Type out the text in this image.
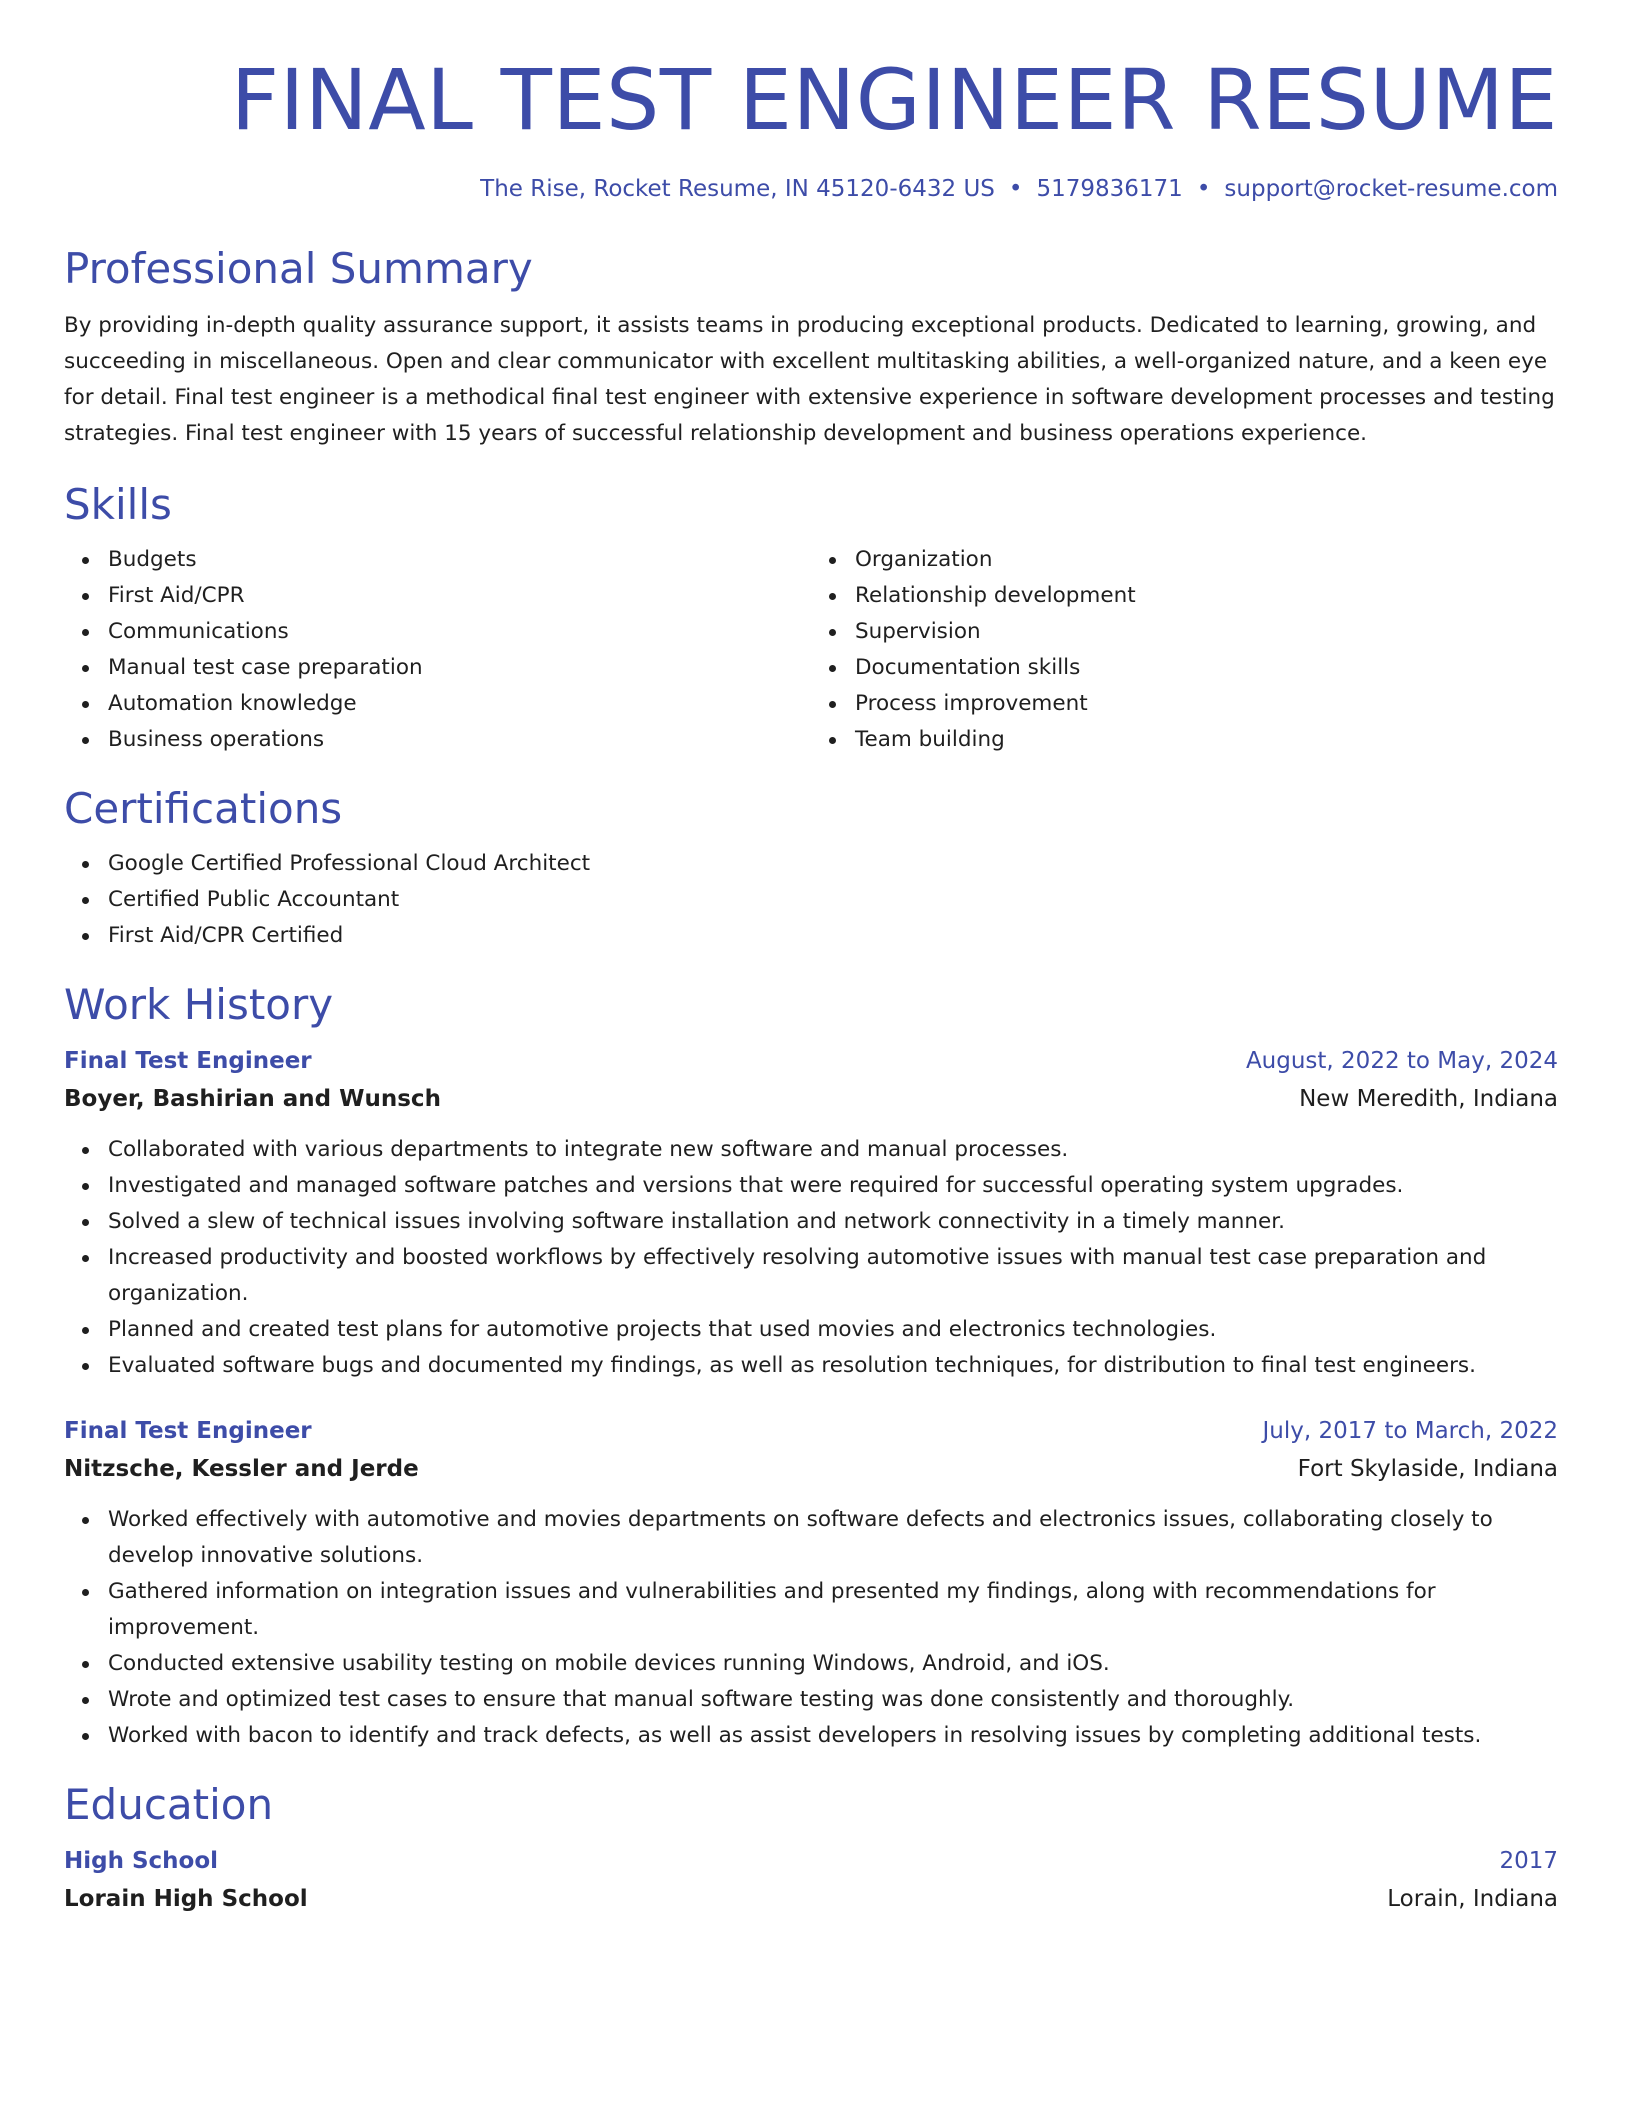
FINAL TEST ENGINEER RESUME
The Rise, Rocket Resume, IN 45120-6432 US • 5179836171 • support@rocket-resume.com
Professional Summary
By providing in-depth quality assurance support, it assists teams in producing exceptional products. Dedicated to learning, growing, and succeeding in miscellaneous. Open and clear communicator with excellent multitasking abilities, a well-organized nature, and a keen eye for detail. Final test engineer is a methodical final test engineer with extensive experience in software development processes and testing strategies. Final test engineer with 15 years of successful relationship development and business operations experience.
Skills
Budgets
First Aid/CPR
Communications
Manual test case preparation
Automation knowledge
Business operations
Organization
Relationship development
Supervision
Documentation skills
Process improvement
Team building
Certifications
Google Certified Professional Cloud Architect
Certified Public Accountant
First Aid/CPR Certified
Work History
Final Test Engineer	August, 2022 to May, 2024
Boyer, Bashirian and Wunsch	New Meredith, Indiana
Collaborated with various departments to integrate new software and manual processes.
Investigated and managed software patches and versions that were required for successful operating system upgrades.
Solved a slew of technical issues involving software installation and network connectivity in a timely manner.
Increased productivity and boosted workflows by effectively resolving automotive issues with manual test case preparation and organization.
Planned and created test plans for automotive projects that used movies and electronics technologies.
Evaluated software bugs and documented my findings, as well as resolution techniques, for distribution to final test engineers.
Final Test Engineer	July, 2017 to March, 2022
Nitzsche, Kessler and Jerde	Fort Skylaside, Indiana
Worked effectively with automotive and movies departments on software defects and electronics issues, collaborating closely to develop innovative solutions.
Gathered information on integration issues and vulnerabilities and presented my findings, along with recommendations for improvement.
Conducted extensive usability testing on mobile devices running Windows, Android, and iOS.
Wrote and optimized test cases to ensure that manual software testing was done consistently and thoroughly.
Worked with bacon to identify and track defects, as well as assist developers in resolving issues by completing additional tests.
Education
High School	2017
Lorain High School	Lorain, Indiana
